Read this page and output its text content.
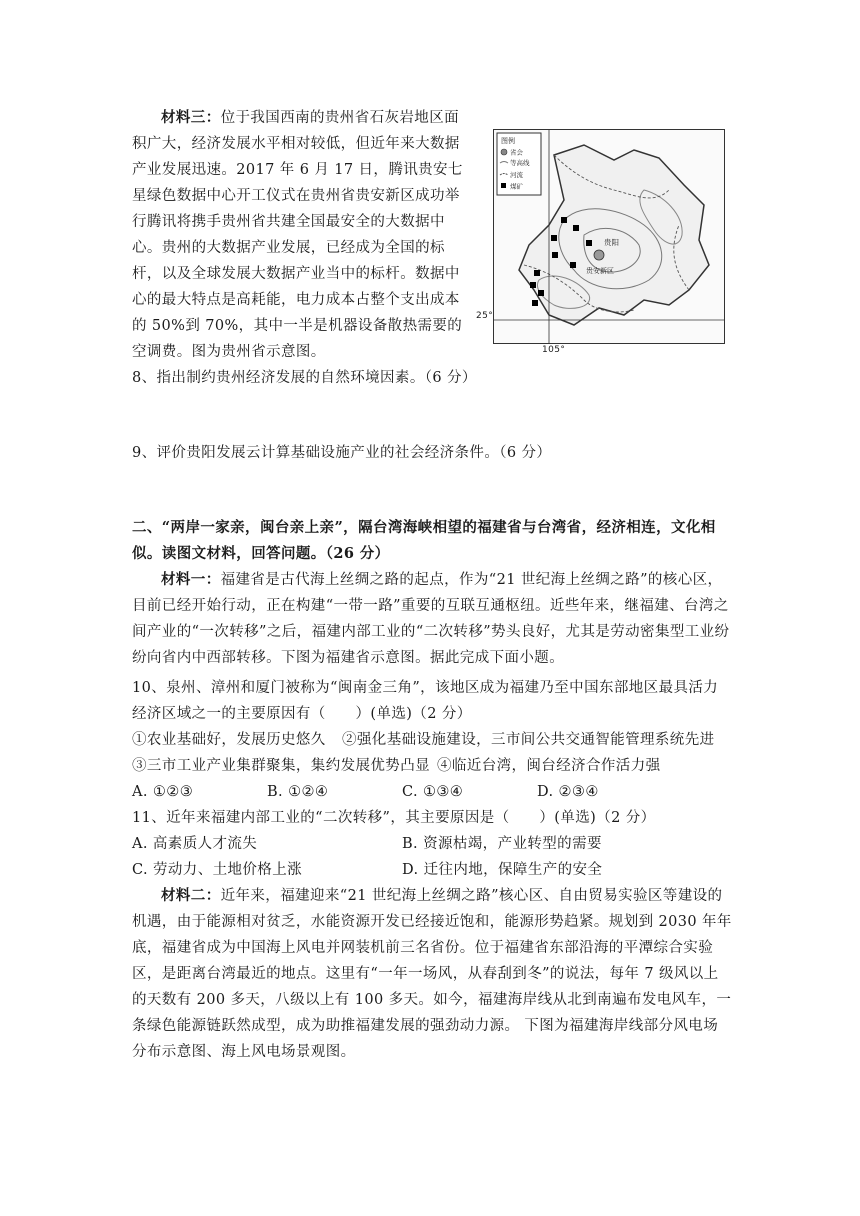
材料三：位于我国西南的贵州省石灰岩地区面积广大，经济发展水平相对较低，但近年来大数据产业发展迅速。2017 年 6 月 17 日，腾讯贵安七星绿色数据中心开工仪式在贵州省贵安新区成功举行腾讯将携手贵州省共建全国最安全的大数据中心。贵州的大数据产业发展，已经成为全国的标杆，以及全球发展大数据产业当中的标杆。数据中心的最大特点是高耗能，电力成本占整个支出成本的 50%到 70%，其中一半是机器设备散热需要的空调费。图为贵州省示意图。

图例
省会
等高线
河流
煤矿
贵阳
贵安新区
25°
105°
8、指出制约贵州经济发展的自然环境因素。（6 分）
9、评价贵阳发展云计算基础设施产业的社会经济条件。（6 分）

二、“两岸一家亲，闽台亲上亲”，隔台湾海峡相望的福建省与台湾省，经济相连，文化相似。读图文材料，回答问题。（26 分）

材料一：福建省是古代海上丝绸之路的起点，作为“21 世纪海上丝绸之路”的核心区，目前已经开始行动，正在构建“一带一路”重要的互联互通枢纽。近些年来，继福建、台湾之间产业的“一次转移”之后，福建内部工业的“二次转移”势头良好，尤其是劳动密集型工业纷纷向省内中西部转移。下图为福建省示意图。据此完成下面小题。

10、泉州、漳州和厦门被称为“闽南金三角”，该地区成为福建乃至中国东部地区最具活力
经济区域之一的主要原因有（　　）(单选)（2 分）
①农业基础好，发展历史悠久 ②强化基础设施建设，三市间公共交通智能管理系统先进
③三市工业产业集群聚集，集约发展优势凸显 ④临近台湾，闽台经济合作活力强
A. ①②③	B. ①②④	C. ①③④	D. ②③④
11、近年来福建内部工业的“二次转移”，其主要原因是（　　）(单选)（2 分）
A. 高素质人才流失	B. 资源枯竭，产业转型的需要
C. 劳动力、土地价格上涨	D. 迁往内地，保障生产的安全

材料二：近年来，福建迎来“21 世纪海上丝绸之路”核心区、自由贸易实验区等建设的机遇，由于能源相对贫乏，水能资源开发已经接近饱和，能源形势趋紧。规划到 2030 年年底，福建省成为中国海上风电并网装机前三名省份。位于福建省东部沿海的平潭综合实验区，是距离台湾最近的地点。这里有“一年一场风，从春刮到冬”的说法，每年 7 级风以上的天数有 200 多天，八级以上有 100 多天。如今，福建海岸线从北到南遍布发电风车，一条绿色能源链跃然成型，成为助推福建发展的强劲动力源。 下图为福建海岸线部分风电场分布示意图、海上风电场景观图。
